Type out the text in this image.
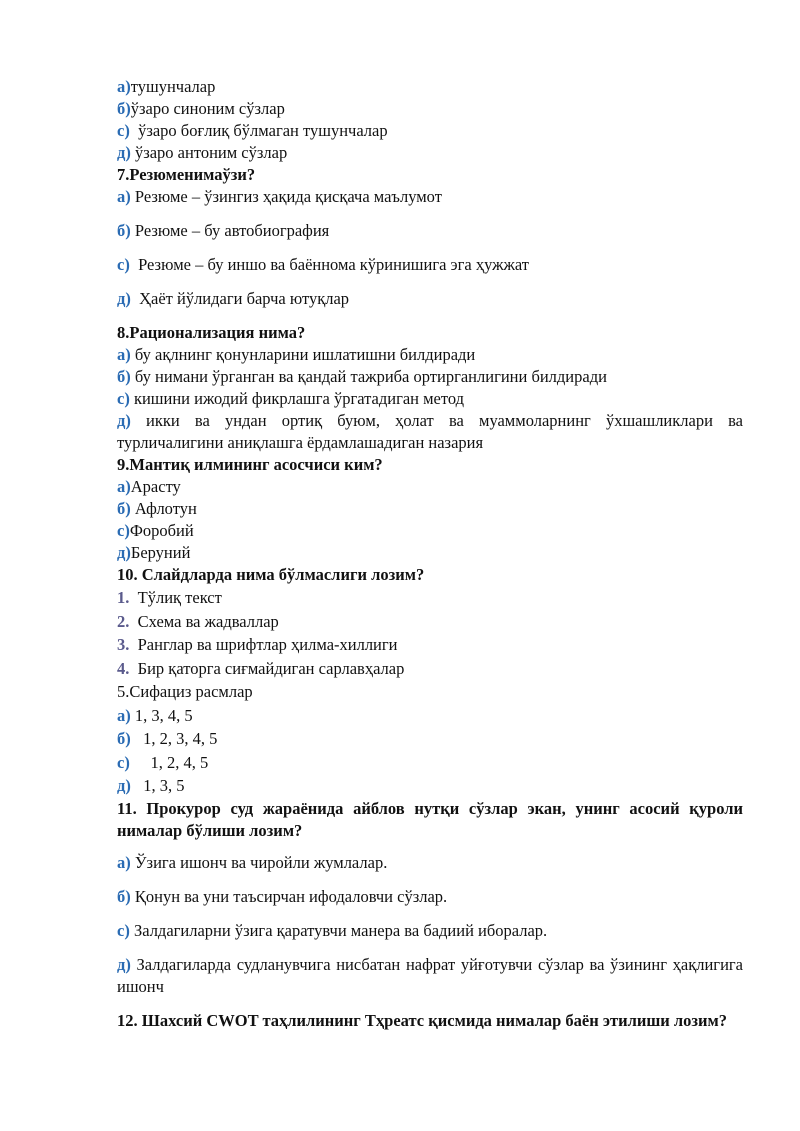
а)тушунчалар
б)ўзаро синоним сўзлар
с)  ўзаро боғлиқ бўлмаган тушунчалар
д) ўзаро антоним сўзлар
7.Резюменимаўзи?
а) Резюме – ўзингиз ҳақида қисқача маълумот
б) Резюме – бу автобиография
с)  Резюме – бу иншо ва баённома кўринишига эга ҳужжат
д)  Ҳаёт йўлидаги барча ютуқлар
8.Рационализация нима?
а) бу ақлнинг қонунларини ишлатишни билдиради
б) бу нимани ўрганган ва қандай тажриба ортирганлигини билдиради
с) кишини ижодий фикрлашга ўргатадиган метод
д) икки ва ундан ортиқ буюм, ҳолат ва муаммоларнинг ўхшашликлари ва турличалигини аниқлашга ёрдамлашадиган назария
9.Мантиқ илмининг асосчиси ким?
а)Арасту
б) Афлотун
с)Форобий
д)Беруний
10. Слайдларда нима бўлмаслиги лозим?
1.  Тўлиқ текст
2.  Схема ва жадваллар
3.  Ранглар ва шрифтлар ҳилма-хиллиги
4.  Бир қаторга сиғмайдиган сарлавҳалар
5.Сифациз расмлар
а) 1, 3, 4, 5
б)   1, 2, 3, 4, 5
с)     1, 2, 4, 5
д)   1, 3, 5
11. Прокурор суд жараёнида айблов нутқи сўзлар экан, унинг асосий қуроли нималар бўлиши лозим?
а) Ўзига ишонч ва чиройли жумлалар.
б) Қонун ва уни таъсирчан ифодаловчи сўзлар.
с) Залдагиларни ўзига қаратувчи манера ва бадиий иборалар.
д) Залдагиларда судланувчига нисбатан нафрат уйғотувчи сўзлар ва ўзининг ҳақлигига ишонч
12. Шахсий CWOT таҳлилининг Тҳреатс қисмида нималар баён этилиши лозим?
